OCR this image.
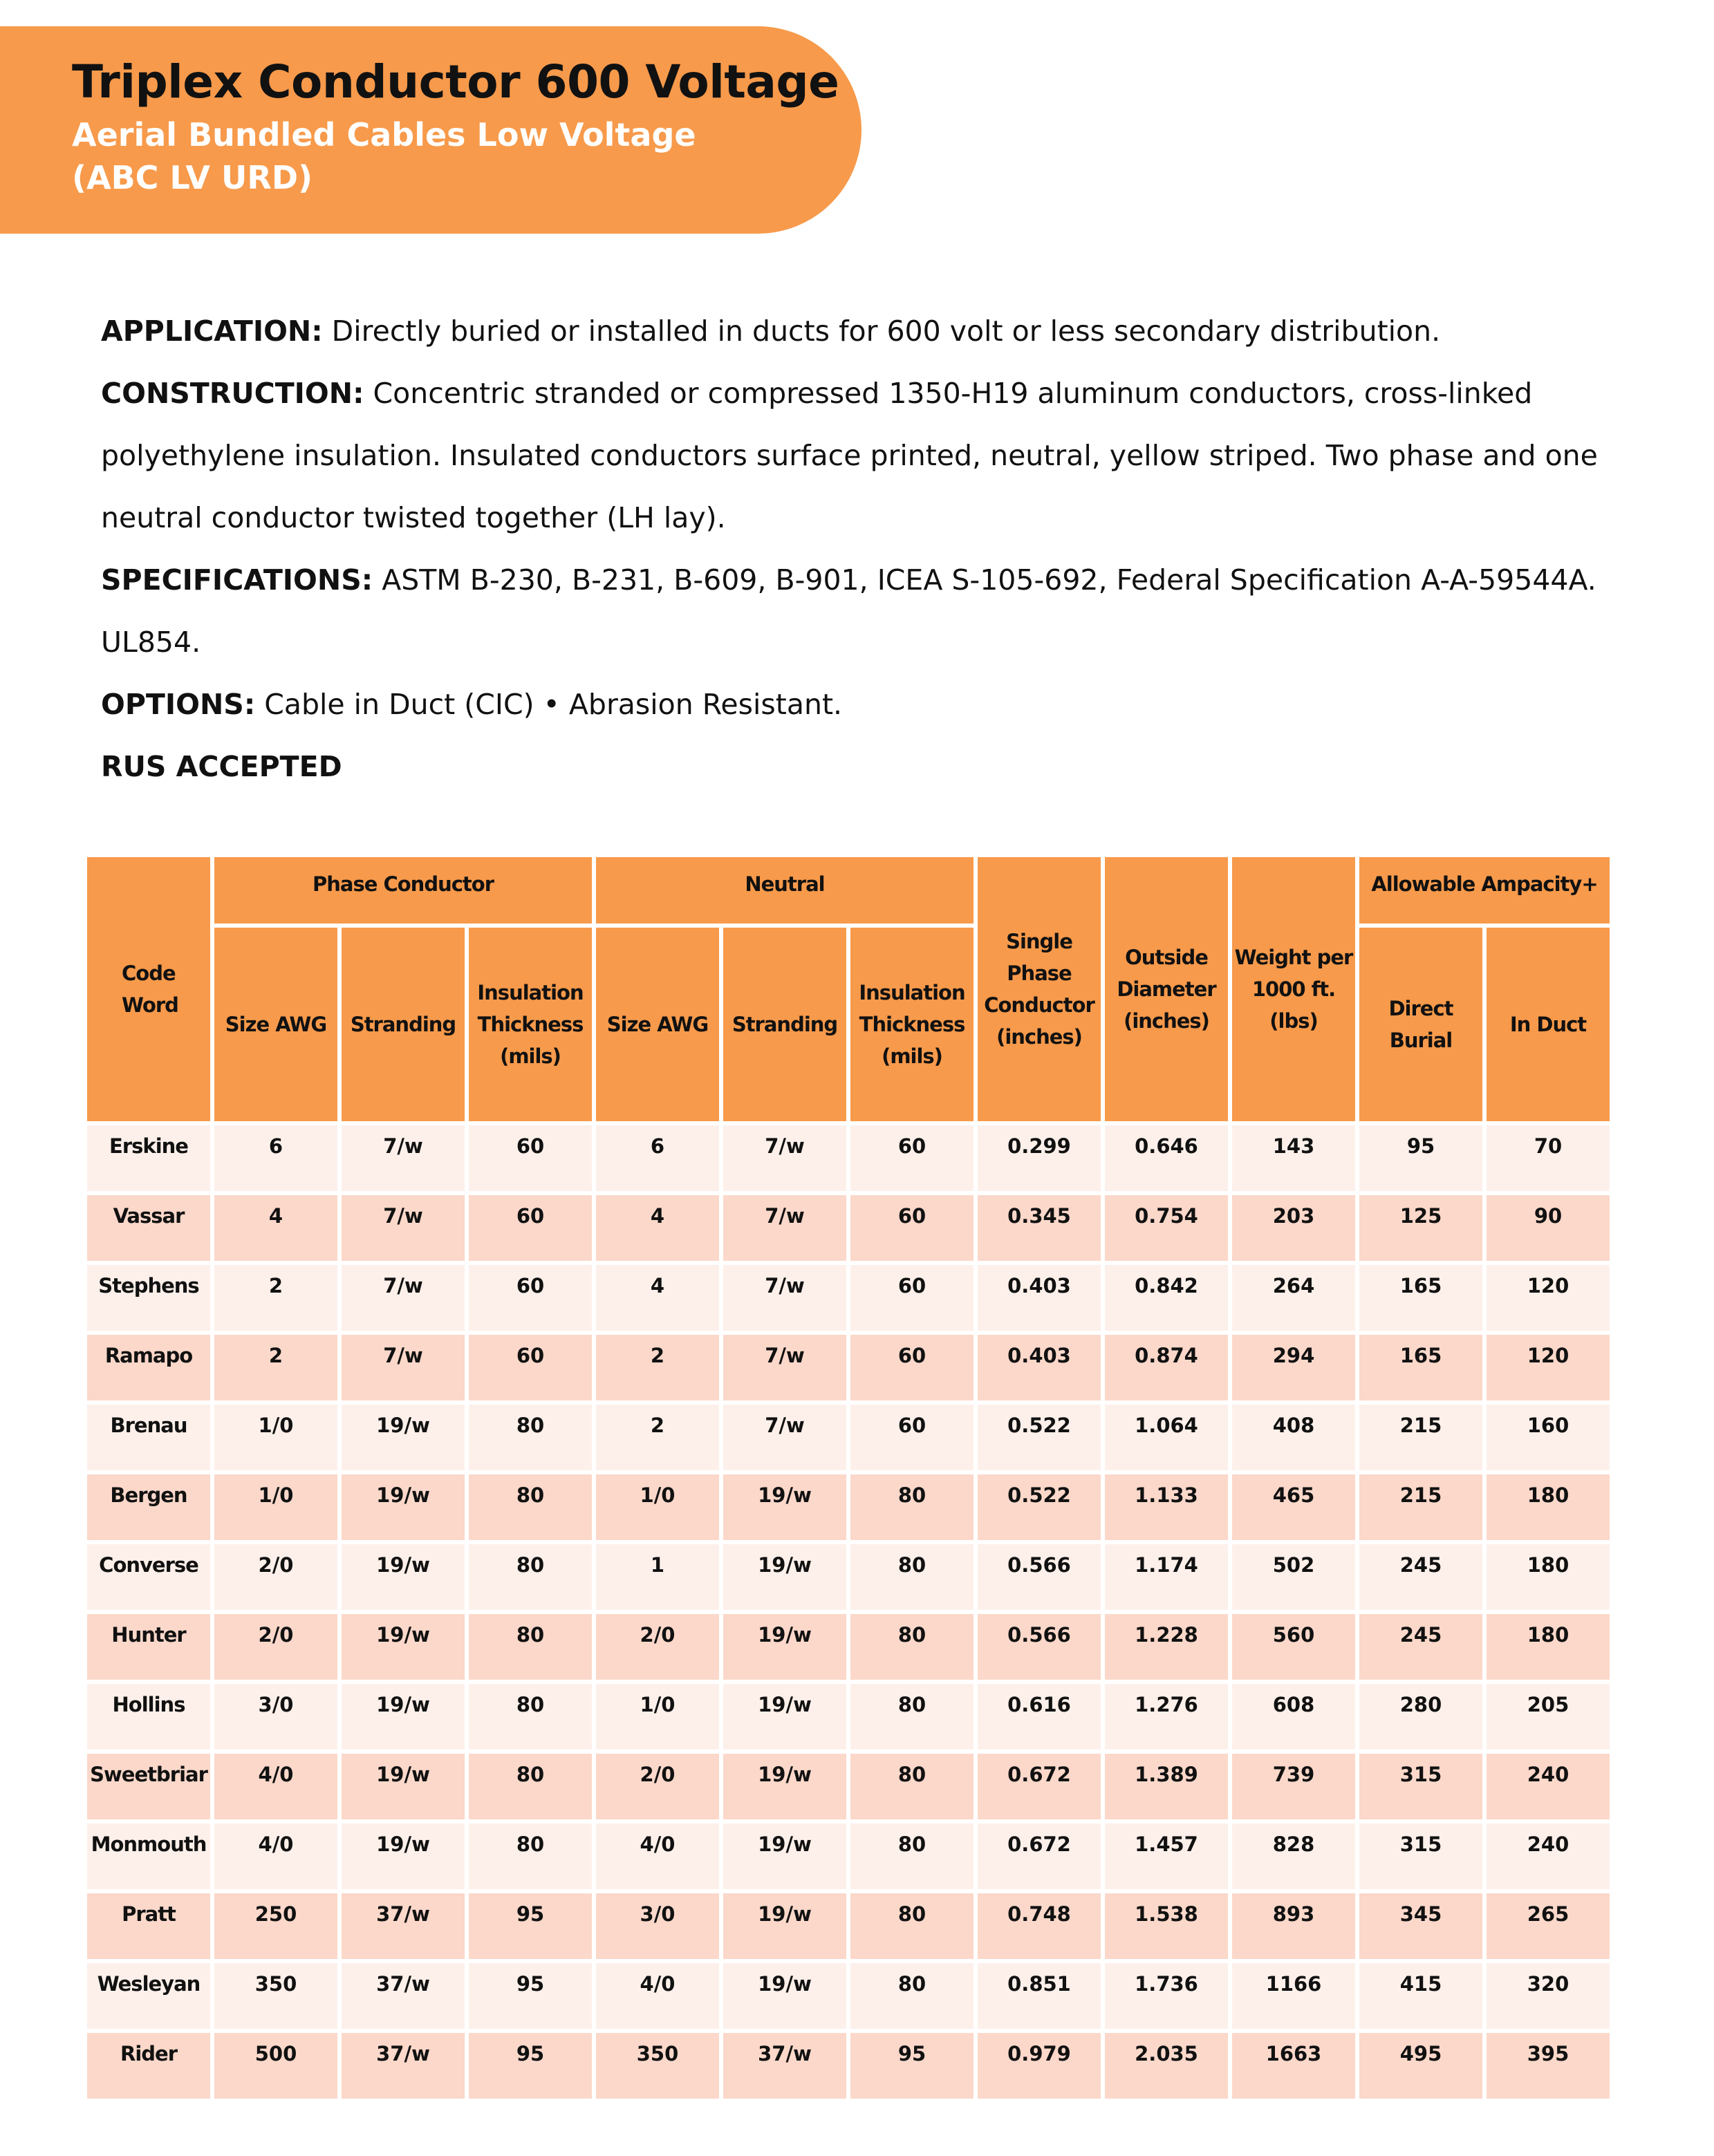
Triplex Conductor 600 Voltage
Aerial Bundled Cables Low Voltage
(ABC LV URD)

APPLICATION: Directly buried or installed in ducts for 600 volt or less secondary distribution.

CONSTRUCTION: Concentric stranded or compressed 1350-H19 aluminum conductors, cross-linked polyethylene insulation. Insulated conductors surface printed, neutral, yellow striped. Two phase and one neutral conductor twisted together (LH lay).

SPECIFICATIONS: ASTM B-230, B-231, B-609, B-901, ICEA S-105-692, Federal Specification A-A-59544A. UL854.

OPTIONS: Cable in Duct (CIC) • Abrasion Resistant.

RUS ACCEPTED

Code Word	Phase Conductor			Neutral			Single Phase Conductor (inches)	Outside Diameter (inches)	Weight per 1000 ft. (lbs)	Allowable Ampacity+	
	Size AWG	Stranding	Insulation Thickness (mils)	Size AWG	Stranding	Insulation Thickness (mils)				Direct Burial	In Duct
Erskine	6	7/w	60	6	7/w	60	0.299	0.646	143	95	70
Vassar	4	7/w	60	4	7/w	60	0.345	0.754	203	125	90
Stephens	2	7/w	60	4	7/w	60	0.403	0.842	264	165	120
Ramapo	2	7/w	60	2	7/w	60	0.403	0.874	294	165	120
Brenau	1/0	19/w	80	2	7/w	60	0.522	1.064	408	215	160
Bergen	1/0	19/w	80	1/0	19/w	80	0.522	1.133	465	215	180
Converse	2/0	19/w	80	1	19/w	80	0.566	1.174	502	245	180
Hunter	2/0	19/w	80	2/0	19/w	80	0.566	1.228	560	245	180
Hollins	3/0	19/w	80	1/0	19/w	80	0.616	1.276	608	280	205
Sweetbriar	4/0	19/w	80	2/0	19/w	80	0.672	1.389	739	315	240
Monmouth	4/0	19/w	80	4/0	19/w	80	0.672	1.457	828	315	240
Pratt	250	37/w	95	3/0	19/w	80	0.748	1.538	893	345	265
Wesleyan	350	37/w	95	4/0	19/w	80	0.851	1.736	1166	415	320
Rider	500	37/w	95	350	37/w	95	0.979	2.035	1663	495	395
